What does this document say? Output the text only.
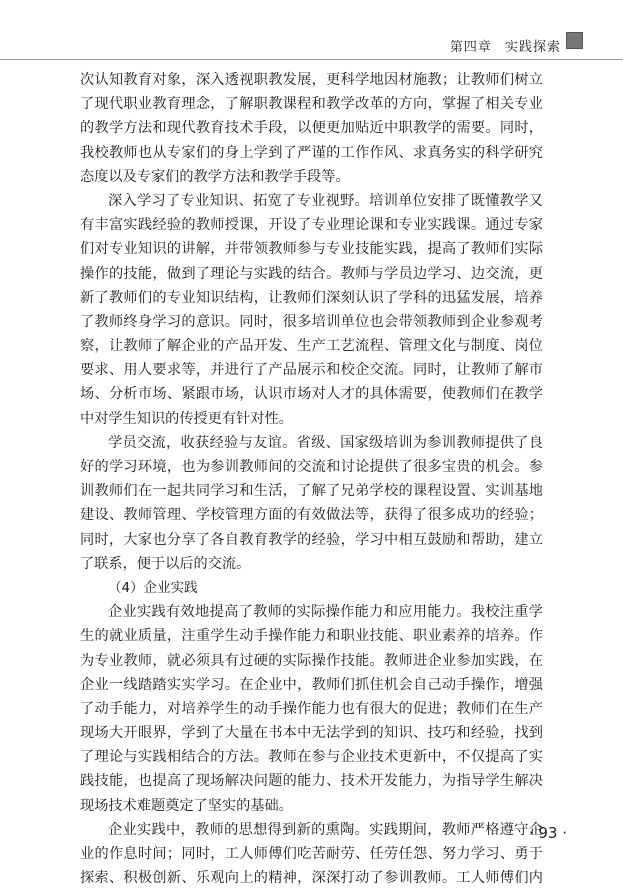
第四章 实践探索
次认知教育对象，深入透视职教发展，更科学地因材施教；让教师们树立
了现代职业教育理念，了解职教课程和教学改革的方向，掌握了相关专业
的教学方法和现代教育技术手段，以便更加贴近中职教学的需要。同时，
我校教师也从专家们的身上学到了严谨的工作作风、求真务实的科学研究
态度以及专家们的教学方法和教学手段等。
深入学习了专业知识、拓宽了专业视野。培训单位安排了既懂教学又
有丰富实践经验的教师授课，开设了专业理论课和专业实践课。通过专家
们对专业知识的讲解，并带领教师参与专业技能实践，提高了教师们实际
操作的技能，做到了理论与实践的结合。教师与学员边学习、边交流，更
新了教师们的专业知识结构，让教师们深刻认识了学科的迅猛发展，培养
了教师终身学习的意识。同时，很多培训单位也会带领教师到企业参观考
察，让教师了解企业的产品开发、生产工艺流程、管理文化与制度、岗位
要求、用人要求等，并进行了产品展示和校企交流。同时，让教师了解市
场、分析市场、紧跟市场，认识市场对人才的具体需要，使教师们在教学
中对学生知识的传授更有针对性。
学员交流，收获经验与友谊。省级、国家级培训为参训教师提供了良
好的学习环境，也为参训教师间的交流和讨论提供了很多宝贵的机会。参
训教师们在一起共同学习和生活，了解了兄弟学校的课程设置、实训基地
建设、教师管理、学校管理方面的有效做法等，获得了很多成功的经验；
同时，大家也分享了各自教育教学的经验，学习中相互鼓励和帮助，建立
了联系，便于以后的交流。
（4）企业实践
企业实践有效地提高了教师的实际操作能力和应用能力。我校注重学
生的就业质量，注重学生动手操作能力和职业技能、职业素养的培养。作
为专业教师，就必须具有过硬的实际操作技能。教师进企业参加实践，在
企业一线踏踏实实学习。在企业中，教师们抓住机会自己动手操作，增强
了动手能力，对培养学生的动手操作能力也有很大的促进；教师们在生产
现场大开眼界，学到了大量在书本中无法学到的知识、技巧和经验，找到
了理论与实践相结合的方法。教师在参与企业技术更新中，不仅提高了实
践技能，也提高了现场解决问题的能力、技术开发能力，为指导学生解决
现场技术难题奠定了坚实的基础。
企业实践中，教师的思想得到新的熏陶。实践期间，教师严格遵守企
业的作息时间；同时，工人师傅们吃苦耐劳、任劳任怨、努力学习、勇于
探索、积极创新、乐观向上的精神，深深打动了参训教师。工人师傅们内
· 93 ·
